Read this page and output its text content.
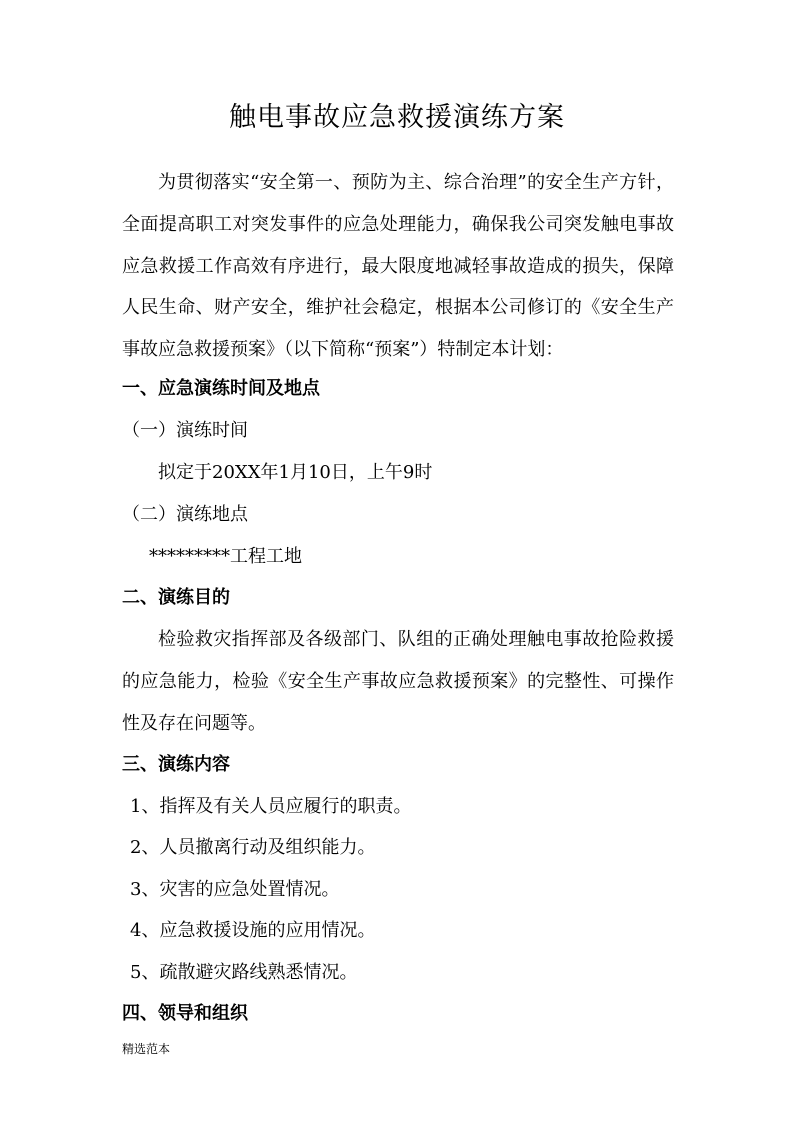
触电事故应急救援演练方案

为贯彻落实“安全第一、预防为主、综合治理”的安全生产方针，全面提高职工对突发事件的应急处理能力，确保我公司突发触电事故应急救援工作高效有序进行，最大限度地减轻事故造成的损失，保障人民生命、财产安全，维护社会稳定，根据本公司修订的《安全生产事故应急救援预案》（以下简称“预案”）特制定本计划：

一、应急演练时间及地点
（一）演练时间
拟定于20XX年1月10日，上午9时
（二）演练地点
*********工程工地
二、演练目的

检验救灾指挥部及各级部门、队组的正确处理触电事故抢险救援的应急能力，检验《安全生产事故应急救援预案》的完整性、可操作性及存在问题等。

三、演练内容
1、指挥及有关人员应履行的职责。
2、人员撤离行动及组织能力。
3、灾害的应急处置情况。
4、应急救援设施的应用情况。
5、疏散避灾路线熟悉情况。
四、领导和组织
精选范本
